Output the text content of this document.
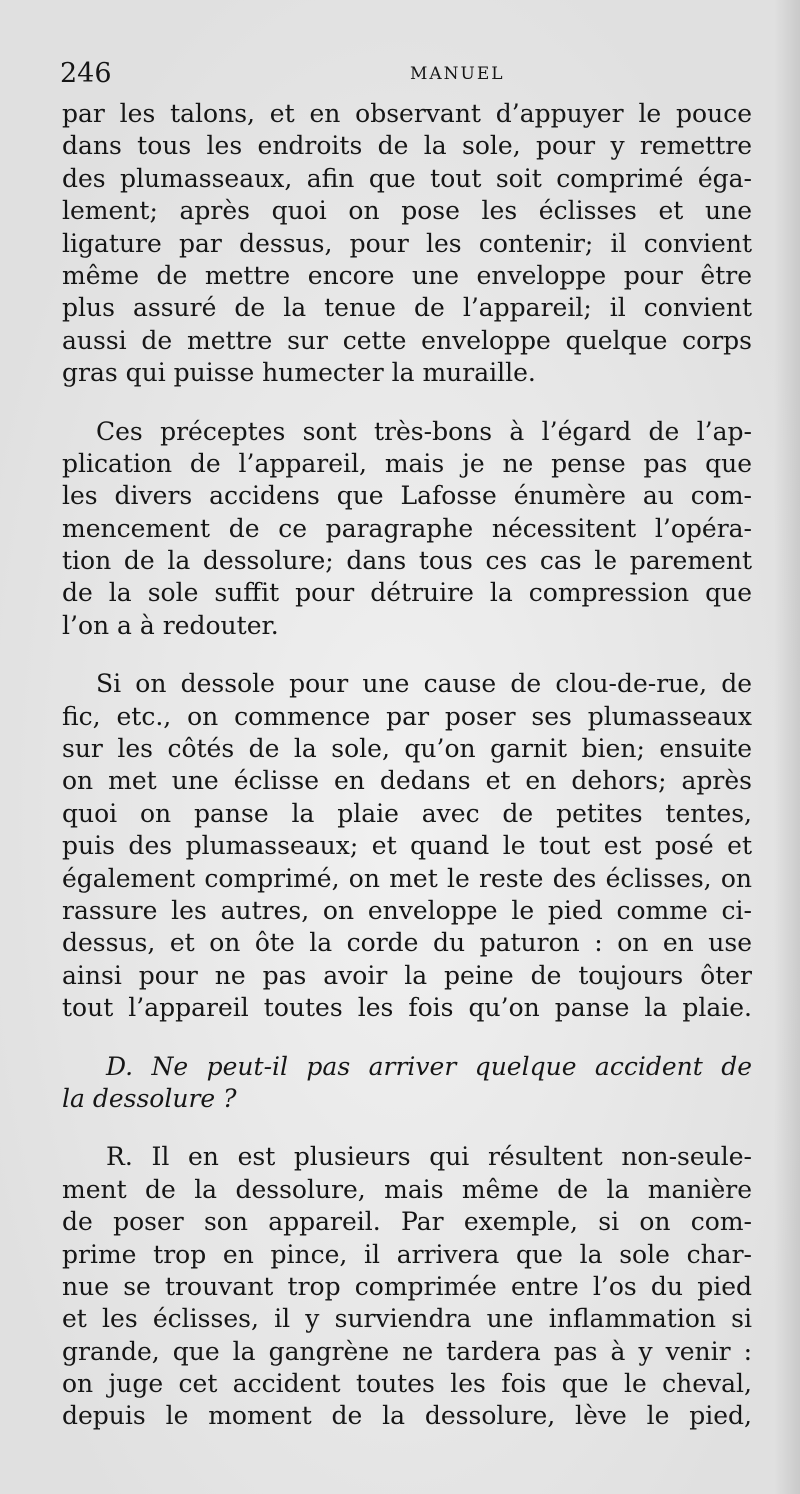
246	MANUEL
par les talons, et en observant d’appuyer le pouce
dans tous les endroits de la sole, pour y remettre
des plumasseaux, afin que tout soit comprimé éga-
lement; après quoi on pose les éclisses et une
ligature par dessus, pour les contenir; il convient
même de mettre encore une enveloppe pour être
plus assuré de la tenue de l’appareil; il convient
aussi de mettre sur cette enveloppe quelque corps
gras qui puisse humecter la muraille.
Ces préceptes sont très-bons à l’égard de l’ap-
plication de l’appareil, mais je ne pense pas que
les divers accidens que Lafosse énumère au com-
mencement de ce paragraphe nécessitent l’opéra-
tion de la dessolure; dans tous ces cas le parement
de la sole suffit pour détruire la compression que
l’on a à redouter.
Si on dessole pour une cause de clou-de-rue, de
fic, etc., on commence par poser ses plumasseaux
sur les côtés de la sole, qu’on garnit bien; ensuite
on met une éclisse en dedans et en dehors; après
quoi on panse la plaie avec de petites tentes,
puis des plumasseaux; et quand le tout est posé et
également comprimé, on met le reste des éclisses, on
rassure les autres, on enveloppe le pied comme ci-
dessus, et on ôte la corde du paturon : on en use
ainsi pour ne pas avoir la peine de toujours ôter
tout l’appareil toutes les fois qu’on panse la plaie.
D. Ne peut-il pas arriver quelque accident de
la dessolure ?
R. Il en est plusieurs qui résultent non-seule-
ment de la dessolure, mais même de la manière
de poser son appareil. Par exemple, si on com-
prime trop en pince, il arrivera que la sole char-
nue se trouvant trop comprimée entre l’os du pied
et les éclisses, il y surviendra une inflammation si
grande, que la gangrène ne tardera pas à y venir :
on juge cet accident toutes les fois que le cheval,
depuis le moment de la dessolure, lève le pied,
